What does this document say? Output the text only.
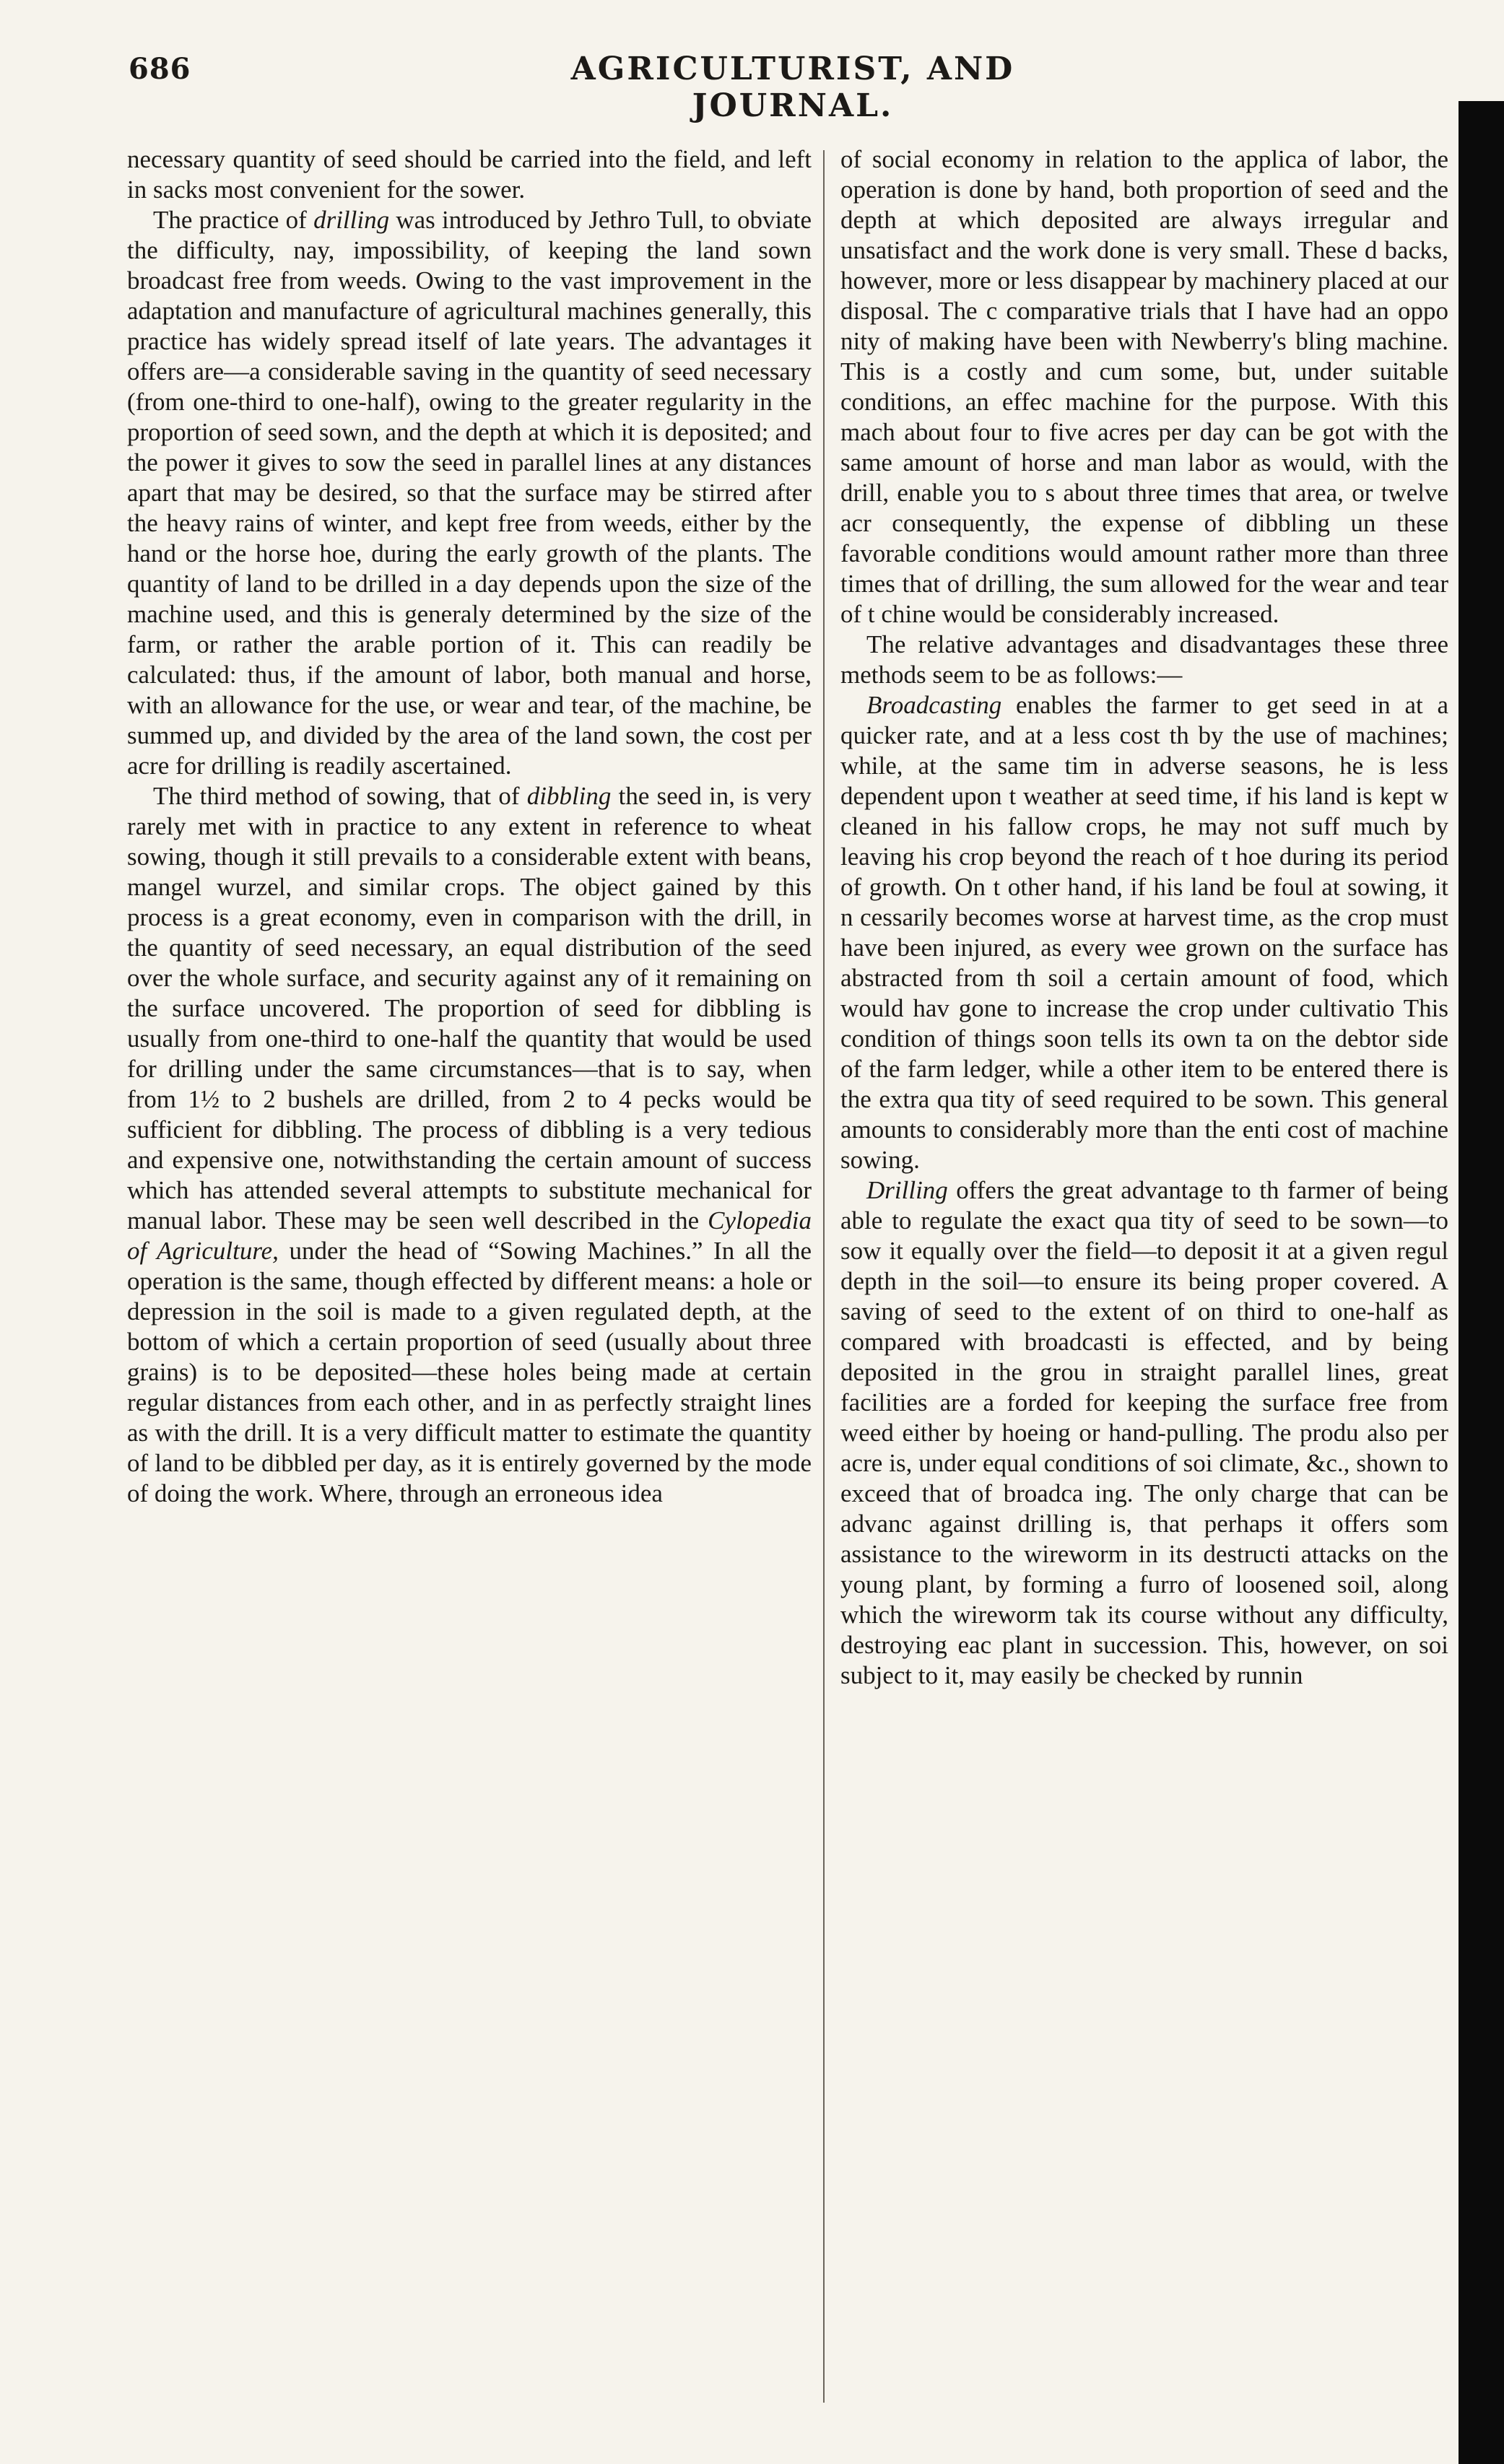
686	AGRICULTURIST, AND JOURNAL.

necessary quantity of seed should be carried into the field, and left in sacks most convenient for the sower.

The practice of drilling was introduced by Jethro Tull, to obviate the difficulty, nay, impossibility, of keeping the land sown broadcast free from weeds. Owing to the vast improvement in the adaptation and manufacture of agricultural machines generally, this practice has widely spread itself of late years. The advantages it offers are—a considerable saving in the quantity of seed necessary (from one-third to one-half), owing to the greater regularity in the proportion of seed sown, and the depth at which it is deposited; and the power it gives to sow the seed in parallel lines at any distances apart that may be desired, so that the surface may be stirred after the heavy rains of winter, and kept free from weeds, either by the hand or the horse hoe, during the early growth of the plants. The quantity of land to be drilled in a day depends upon the size of the machine used, and this is generaly determined by the size of the farm, or rather the arable portion of it. This can readily be calculated: thus, if the amount of labor, both manual and horse, with an allowance for the use, or wear and tear, of the machine, be summed up, and divided by the area of the land sown, the cost per acre for drilling is readily ascertained.

The third method of sowing, that of dibbling the seed in, is very rarely met with in practice to any extent in reference to wheat sowing, though it still prevails to a considerable extent with beans, mangel wurzel, and similar crops. The object gained by this process is a great economy, even in comparison with the drill, in the quantity of seed necessary, an equal distribution of the seed over the whole surface, and security against any of it remaining on the surface uncovered. The proportion of seed for dibbling is usually from one-third to one-half the quantity that would be used for drilling under the same circumstances—that is to say, when from 1½ to 2 bushels are drilled, from 2 to 4 pecks would be sufficient for dibbling. The process of dibbling is a very tedious and expensive one, notwithstanding the certain amount of success which has attended several attempts to substitute mechanical for manual labor. These may be seen well described in the Cylopedia of Agriculture, under the head of “Sowing Machines.” In all the operation is the same, though effected by different means: a hole or depression in the soil is made to a given regulated depth, at the bottom of which a certain proportion of seed (usually about three grains) is to be deposited—these holes being made at certain regular distances from each other, and in as perfectly straight lines as with the drill. It is a very difficult matter to estimate the quantity of land to be dibbled per day, as it is entirely governed by the mode of doing the work. Where, through an erroneous idea

of social economy in relation to the applica of labor, the operation is done by hand, both proportion of seed and the depth at which deposited are always irregular and unsatisfact and the work done is very small. These d backs, however, more or less disappear by machinery placed at our disposal. The c comparative trials that I have had an oppo nity of making have been with Newberry's bling machine. This is a costly and cum some, but, under suitable conditions, an effec machine for the purpose. With this mach about four to five acres per day can be got with the same amount of horse and man labor as would, with the drill, enable you to s about three times that area, or twelve acr consequently, the expense of dibbling un these favorable conditions would amount rather more than three times that of drilling, the sum allowed for the wear and tear of t chine would be considerably increased.

The relative advantages and disadvantages these three methods seem to be as follows:—

Broadcasting enables the farmer to get seed in at a quicker rate, and at a less cost th by the use of machines; while, at the same tim in adverse seasons, he is less dependent upon t weather at seed time, if his land is kept w cleaned in his fallow crops, he may not suff much by leaving his crop beyond the reach of t hoe during its period of growth. On t other hand, if his land be foul at sowing, it n cessarily becomes worse at harvest time, as the crop must have been injured, as every wee grown on the surface has abstracted from th soil a certain amount of food, which would hav gone to increase the crop under cultivatio This condition of things soon tells its own ta on the debtor side of the farm ledger, while a other item to be entered there is the extra qua tity of seed required to be sown. This general amounts to considerably more than the enti cost of machine sowing.

Drilling offers the great advantage to th farmer of being able to regulate the exact qua tity of seed to be sown—to sow it equally over the field—to deposit it at a given regul depth in the soil—to ensure its being proper covered. A saving of seed to the extent of on third to one-half as compared with broadcasti is effected, and by being deposited in the grou in straight parallel lines, great facilities are a forded for keeping the surface free from weed either by hoeing or hand-pulling. The produ also per acre is, under equal conditions of soi climate, &c., shown to exceed that of broadca ing. The only charge that can be advanc against drilling is, that perhaps it offers som assistance to the wireworm in its destructi attacks on the young plant, by forming a furro of loosened soil, along which the wireworm tak its course without any difficulty, destroying eac plant in succession. This, however, on soi subject to it, may easily be checked by runnin
